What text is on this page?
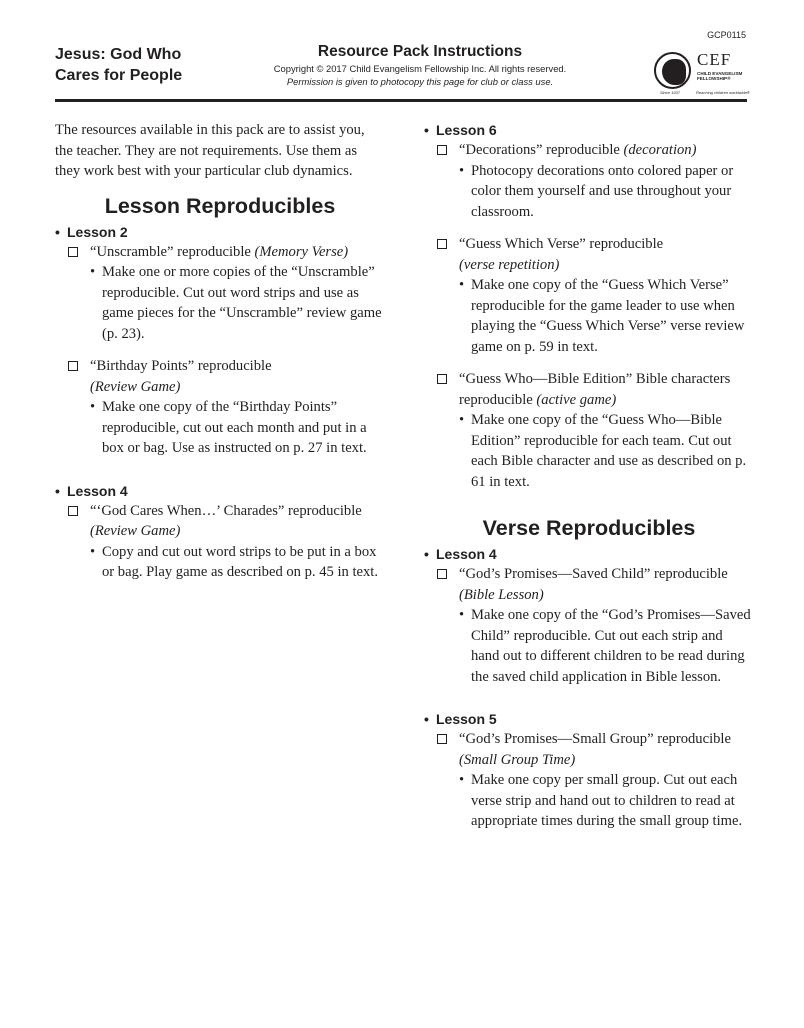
GCP0115
Jesus: God Who
Cares for People
Resource Pack Instructions
Copyright © 2017 Child Evangelism Fellowship Inc. All rights reserved.
Permission is given to photocopy this page for club or class use.
CEF
CHILD EVANGELISM
FELLOWSHIP®
Since 1937	Reaching children worldwide®

The resources available in this pack are to assist you, the teacher. They are not requirements. Use them as they work best with your particular club dynamics.

Lesson Reproducibles
• Lesson 2
“Unscramble” reproducible (Memory Verse)
• Make one or more copies of the “Unscramble” reproducible. Cut out word strips and use as game pieces for the “Unscramble” review game (p. 23).
“Birthday Points” reproducible
(Review Game)
• Make one copy of the “Birthday Points” reproducible, cut out each month and put in a box or bag. Use as instructed on p. 27 in text.
• Lesson 4
“‘God Cares When…’ Charades” reproducible (Review Game)
• Copy and cut out word strips to be put in a box or bag. Play game as described on p. 45 in text.
• Lesson 6
“Decorations” reproducible (decoration)
• Photocopy decorations onto colored paper or color them yourself and use throughout your classroom.
“Guess Which Verse” reproducible
(verse repetition)
• Make one copy of the “Guess Which Verse” reproducible for the game leader to use when playing the “Guess Which Verse” verse review game on p. 59 in text.
“Guess Who—Bible Edition” Bible characters reproducible (active game)
• Make one copy of the “Guess Who—Bible Edition” reproducible for each team. Cut out each Bible character and use as described on p. 61 in text.
Verse Reproducibles
• Lesson 4
“God’s Promises—Saved Child” reproducible (Bible Lesson)
• Make one copy of the “God’s Promises—Saved Child” reproducible. Cut out each strip and hand out to different children to be read during the saved child application in Bible lesson.
• Lesson 5
“God’s Promises—Small Group” reproducible (Small Group Time)
• Make one copy per small group. Cut out each verse strip and hand out to children to read at appropriate times during the small group time.
